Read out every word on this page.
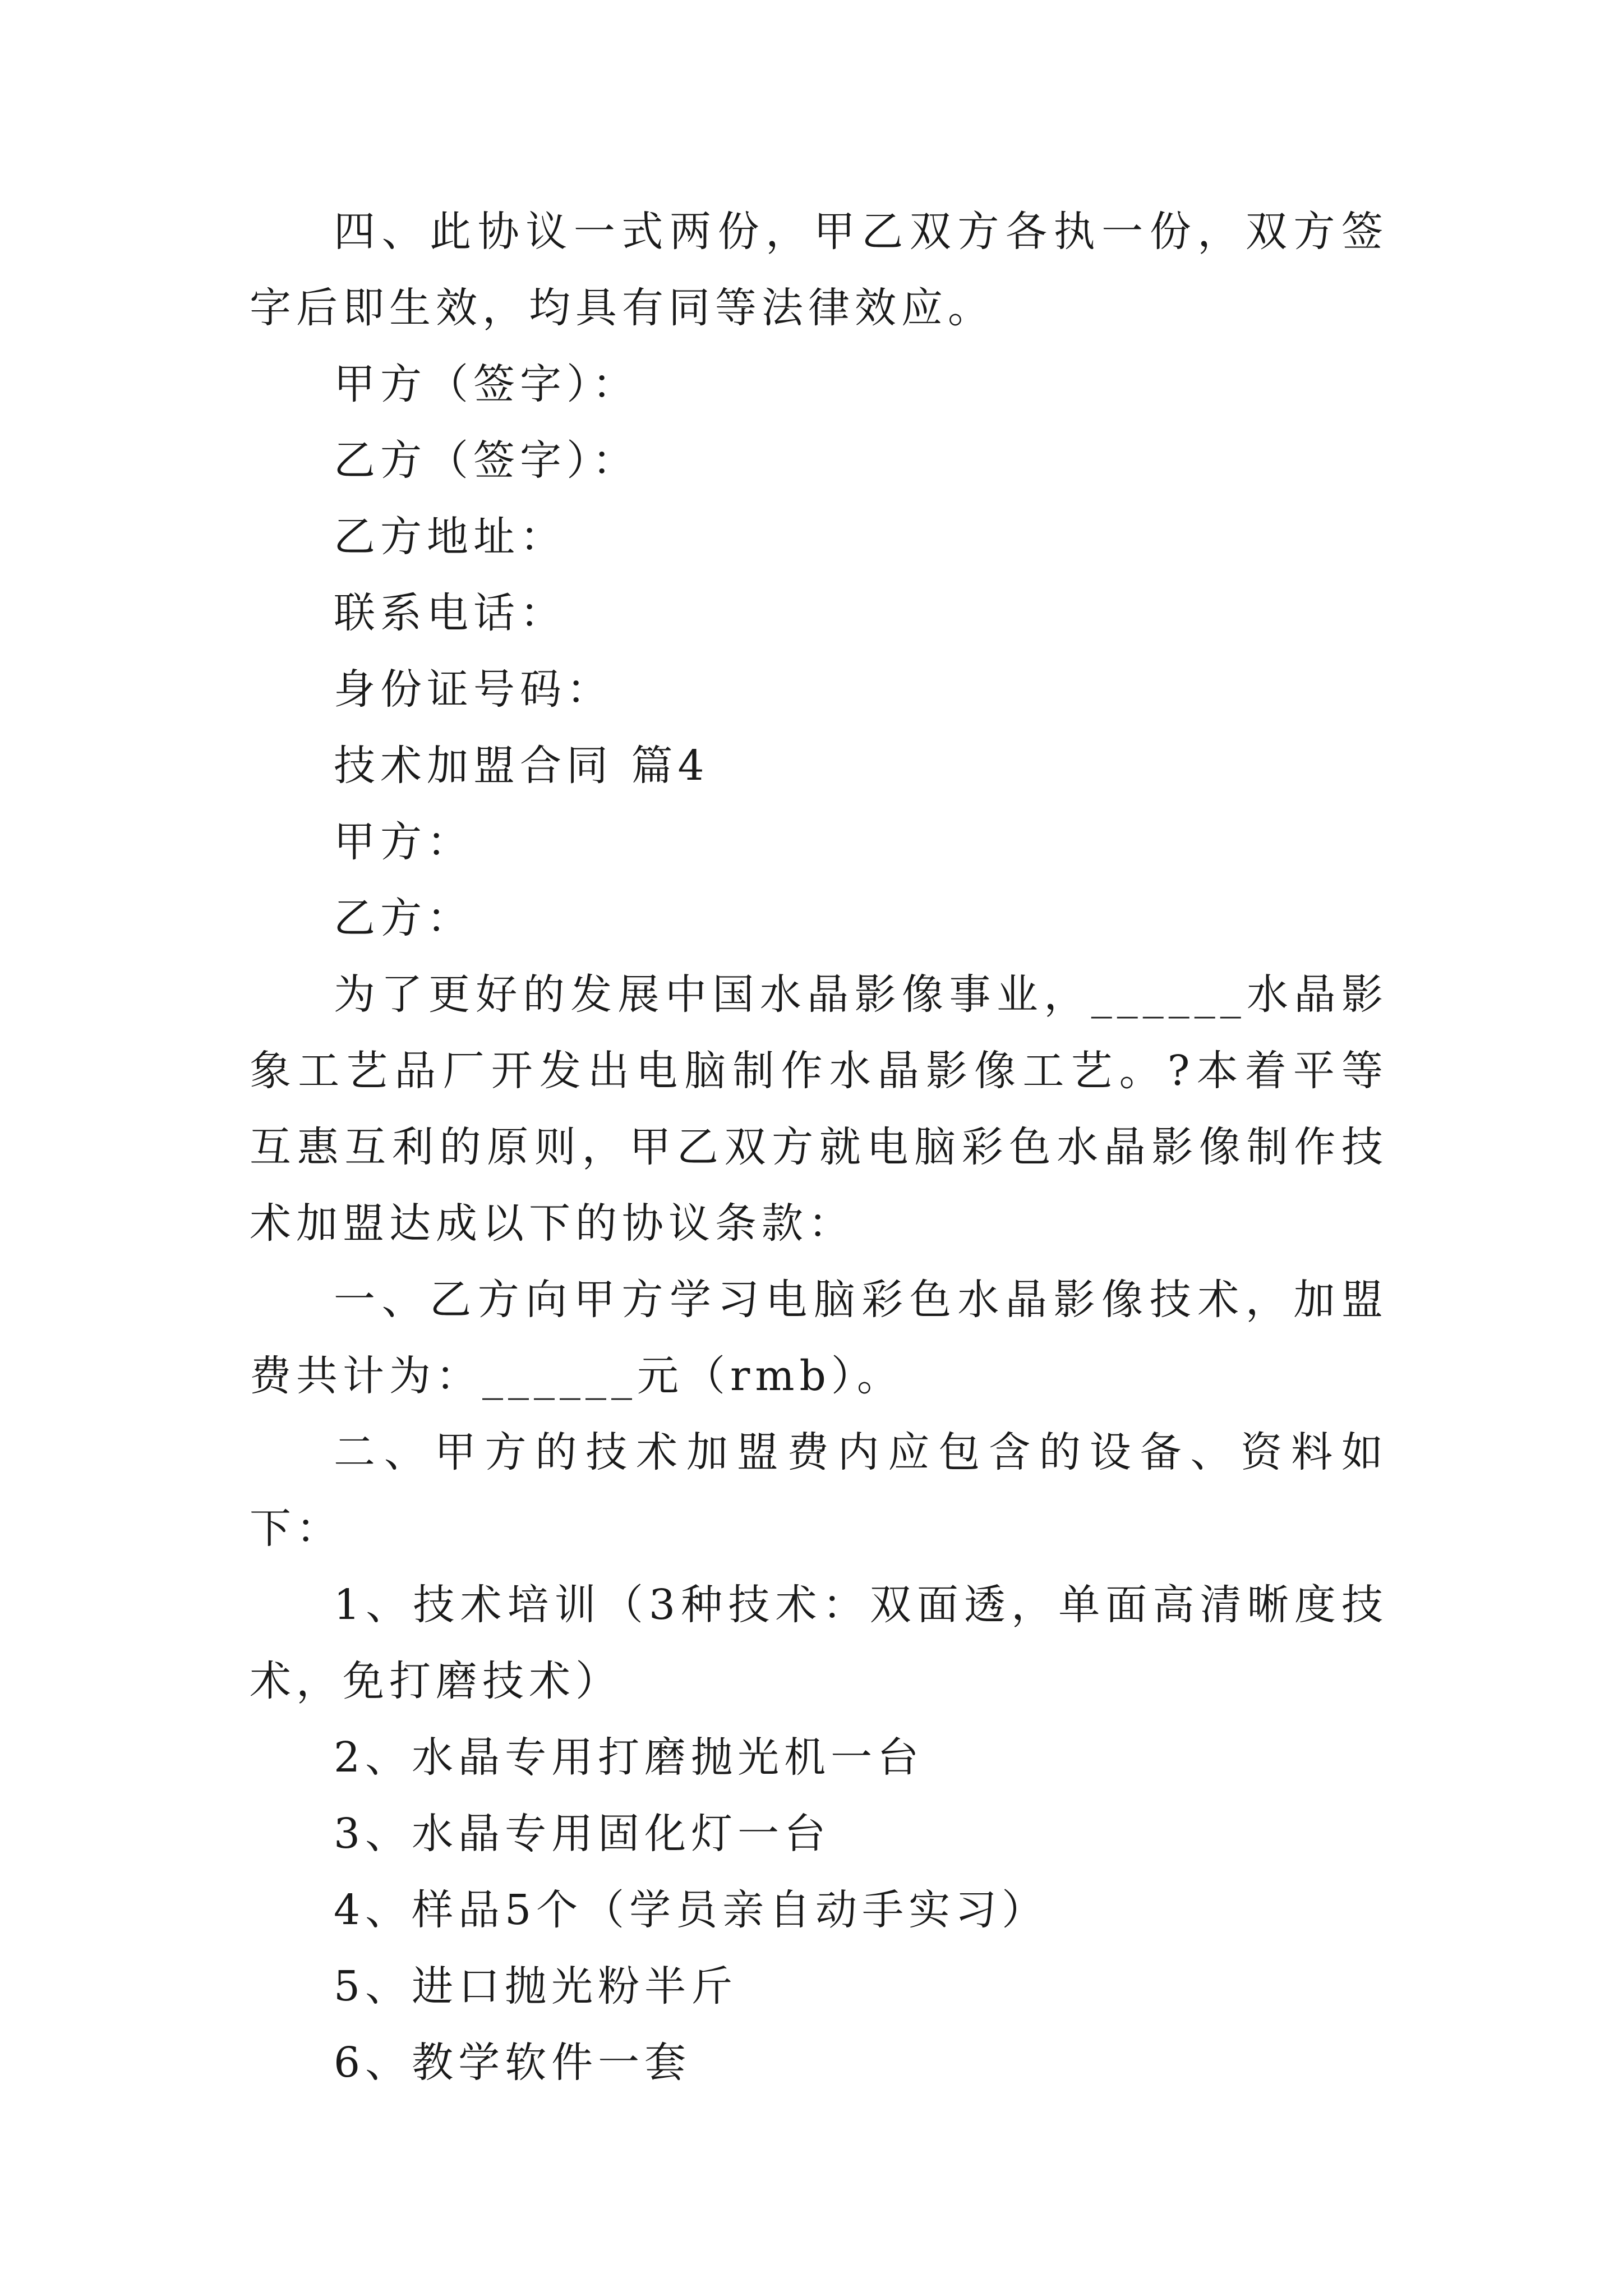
四、此协议一式两份，甲乙双方各执一份，双方签字后即生效，均具有同等法律效应。

甲方（签字）：

乙方（签字）：

乙方地址：

联系电话：

身份证号码：

技术加盟合同 篇4

甲方：

乙方：

为了更好的发展中国水晶影像事业，______水晶影象工艺品厂开发出电脑制作水晶影像工艺。?本着平等互惠互利的原则，甲乙双方就电脑彩色水晶影像制作技术加盟达成以下的协议条款：

一、乙方向甲方学习电脑彩色水晶影像技术，加盟费共计为：______元（rmb）。

二、甲方的技术加盟费内应包含的设备、资料如下：

1、技术培训（3种技术：双面透，单面高清晰度技术，免打磨技术）

2、水晶专用打磨抛光机一台

3、水晶专用固化灯一台

4、样品5个（学员亲自动手实习）

5、进口抛光粉半斤

6、教学软件一套
